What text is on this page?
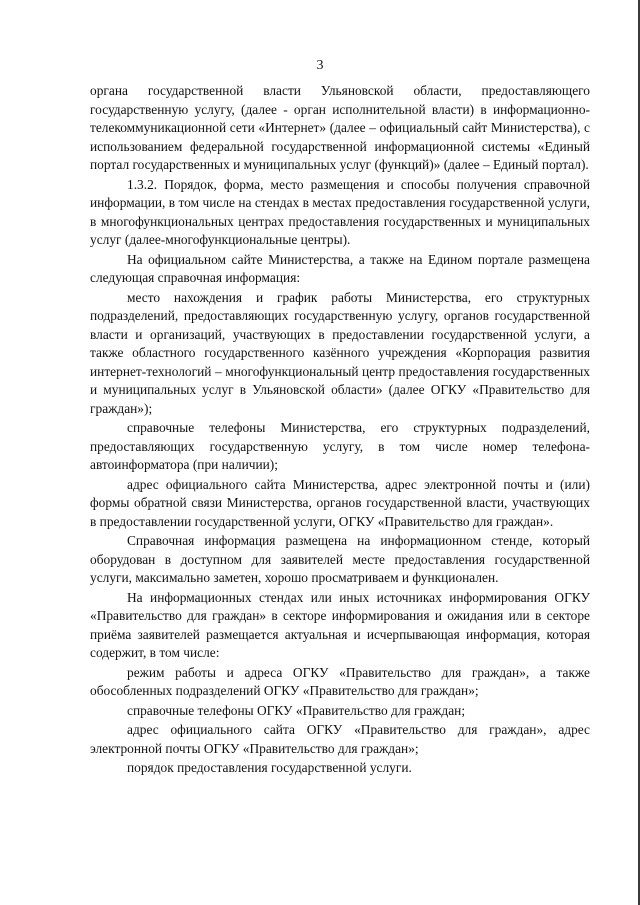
3

органа государственной власти Ульяновской области, предоставляющего государственную услугу, (далее - орган исполнительной власти) в информационно-телекоммуникационной сети «Интернет» (далее – официальный сайт Министерства), с использованием федеральной государственной информационной системы «Единый портал государственных и муниципальных услуг (функций)» (далее – Единый портал).

1.3.2. Порядок, форма, место размещения и способы получения справочной информации, в том числе на стендах в местах предоставления государственной услуги, в многофункциональных центрах предоставления государственных и муниципальных услуг (далее-многофункциональные центры).

На официальном сайте Министерства, а также на Едином портале размещена следующая справочная информация:

место нахождения и график работы Министерства, его структурных подразделений, предоставляющих государственную услугу, органов государственной власти и организаций, участвующих в предоставлении государственной услуги, а также областного государственного казённого учреждения «Корпорация развития интернет-технологий – многофункциональный центр предоставления государственных и муниципальных услуг в Ульяновской области» (далее ОГКУ «Правительство для граждан»);

справочные телефоны Министерства, его структурных подразделений, предоставляющих государственную услугу, в том числе номер телефона-автоинформатора (при наличии);

адрес официального сайта Министерства, адрес электронной почты и (или) формы обратной связи Министерства, органов государственной власти, участвующих в предоставлении государственной услуги, ОГКУ «Правительство для граждан».

Справочная информация размещена на информационном стенде, который оборудован в доступном для заявителей месте предоставления государственной услуги, максимально заметен, хорошо просматриваем и функционален.

На информационных стендах или иных источниках информирования ОГКУ «Правительство для граждан» в секторе информирования и ожидания или в секторе приёма заявителей размещается актуальная и исчерпывающая информация, которая содержит, в том числе:

режим работы и адреса ОГКУ «Правительство для граждан», а также обособленных подразделений ОГКУ «Правительство для граждан»;

справочные телефоны ОГКУ «Правительство для граждан;

адрес официального сайта ОГКУ «Правительство для граждан», адрес электронной почты ОГКУ «Правительство для граждан»;

порядок предоставления государственной услуги.
